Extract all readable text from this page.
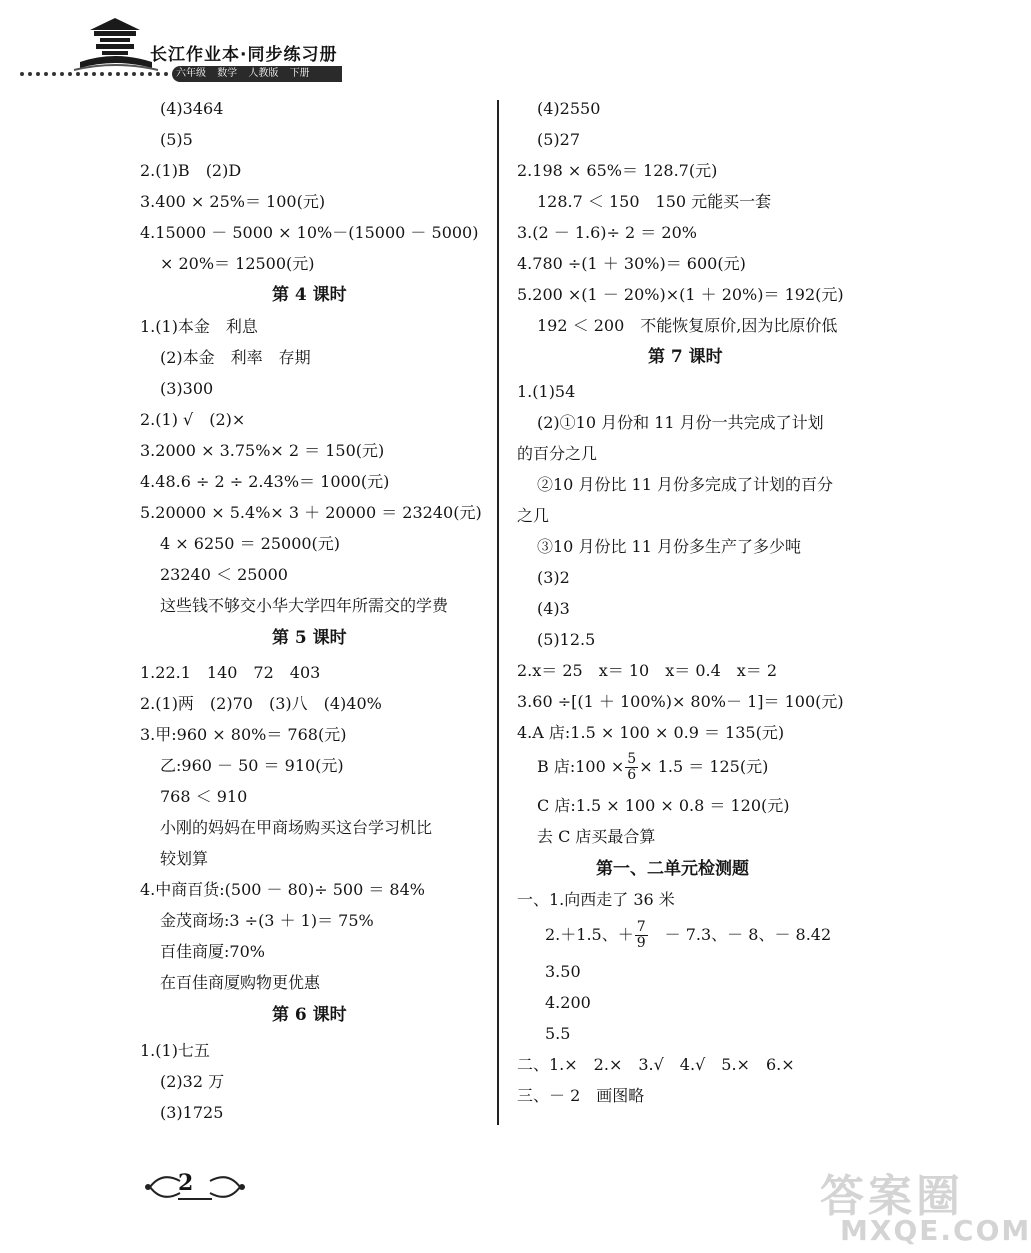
长江作业本·同步练习册
六年级 数学 人教版 下册
(4)3464
(5)5
2.(1)B　(2)D
3.400 × 25%＝ 100(元)
4.15000 － 5000 × 10%－(15000 － 5000)
× 20%＝ 12500(元)
第 4 课时
1.(1)本金　利息
(2)本金　利率　存期
(3)300
2.(1) √　(2)×
3.2000 × 3.75%× 2 ＝ 150(元)
4.48.6 ÷ 2 ÷ 2.43%＝ 1000(元)
5.20000 × 5.4%× 3 ＋ 20000 ＝ 23240(元)
4 × 6250 ＝ 25000(元)
23240 ＜ 25000
这些钱不够交小华大学四年所需交的学费
第 5 课时
1.22.1　140　72　403
2.(1)两　(2)70　(3)八　(4)40%
3.甲:960 × 80%＝ 768(元)
乙:960 － 50 ＝ 910(元)
768 ＜ 910
小刚的妈妈在甲商场购买这台学习机比
较划算
4.中商百货:(500 － 80)÷ 500 ＝ 84%
金茂商场:3 ÷(3 ＋ 1)＝ 75%
百佳商厦:70%
在百佳商厦购物更优惠
第 6 课时
1.(1)七五
(2)32 万
(3)1725
(4)2550
(5)27
2.198 × 65%＝ 128.7(元)
128.7 ＜ 150　150 元能买一套
3.(2 － 1.6)÷ 2 ＝ 20%
4.780 ÷(1 ＋ 30%)＝ 600(元)
5.200 ×(1 － 20%)×(1 ＋ 20%)＝ 192(元)
192 ＜ 200　不能恢复原价,因为比原价低
第 7 课时
1.(1)54
(2)①10 月份和 11 月份一共完成了计划
的百分之几
②10 月份比 11 月份多完成了计划的百分
之几
③10 月份比 11 月份多生产了多少吨
(3)2
(4)3
(5)12.5
2.x＝ 25　x＝ 10　x＝ 0.4　x＝ 2
3.60 ÷[(1 ＋ 100%)× 80%－ 1]＝ 100(元)
4.A 店:1.5 × 100 × 0.9 ＝ 135(元)
B 店:100 × $\frac{5}{6} \times 1.5 = 125$(元)
C 店:1.5 × 100 × 0.8 ＝ 120(元)
去 C 店买最合算
第一、二单元检测题
一、1.向西走了 36 米
2.＋1.5、＋ $\frac{7}{9}$ 　－ 7.3、－ 8、－ 8.42
3.50
4.200
5.5
二、1.×　2.×　3.√　4.√　5.×　6.×
三、－ 2　画图略
2	答案圈
MXQE.COM
